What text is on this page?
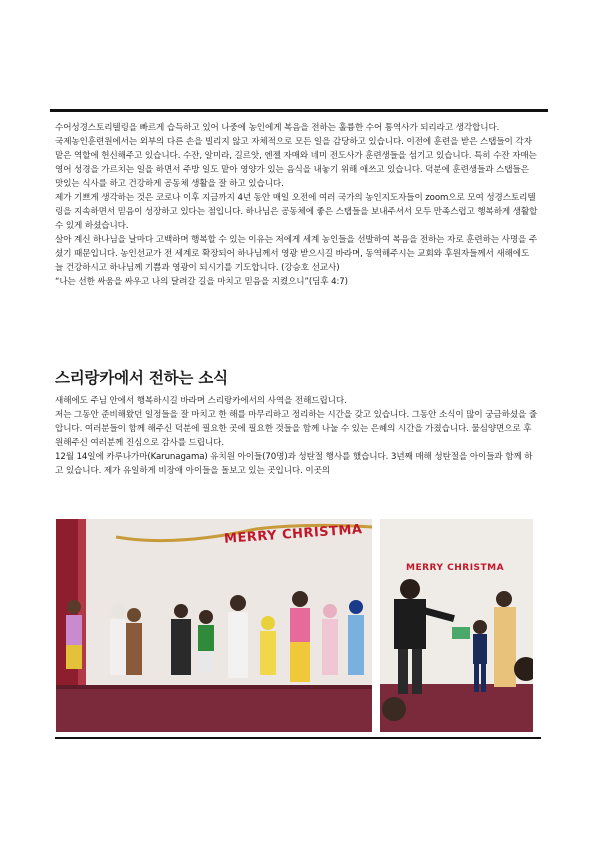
수어성경스토리텔링을 빠르게 습득하고 있어 나중에 농인에게 복음을 전하는 훌륭한 수어 통역사가 되리라고 생각합니다.

국제농인훈련원에서는 외부의 다른 손을 빌리지 않고 자체적으로 모든 일을 감당하고 있습니다. 이전에 훈련을 받은 스탭들이 각자 맡은 역할에 헌신해주고 있습니다. 수잔, 알미라, 길르앗, 엔젤 자매와 네미 전도사가 훈련생들을 섬기고 있습니다. 특히 수잔 자매는 영어 성경을 가르치는 일을 하면서 주방 일도 맡아 영양가 있는 음식을 내놓기 위해 애쓰고 있습니다. 덕분에 훈련생들과 스탭들은 맛있는 식사를 하고 건강하게 공동체 생활을 잘 하고 있습니다.

제가 기쁘게 생각하는 것은 코로나 이후 지금까지 4년 동안 매일 오전에 여러 국가의 농인지도자들이 zoom으로 모여 성경스토리텔링을 지속하면서 믿음이 성장하고 있다는 점입니다. 하나님은 공동체에 좋은 스탭들을 보내주셔서 모두 만족스럽고 행복하게 생활할 수 있게 하셨습니다.

살아 계신 하나님을 날마다 고백하며 행복할 수 있는 이유는 저에게 세계 농인들을 선발하여 복음을 전하는 자로 훈련하는 사명을 주셨기 때문입니다. 농인선교가 전 세계로 확장되어 하나님께서 영광 받으시길 바라며, 동역해주시는 교회와 후원자들께서 새해에도 늘 건강하시고 하나님께 기쁨과 영광이 되시기를 기도합니다. (강승호 선교사)

“나는 선한 싸움을 싸우고 나의 달려갈 길을 마치고 믿음을 지켰으니”(딤후 4:7)

스리랑카에서 전하는 소식

새해에도 주님 안에서 행복하시길 바라며 스리랑카에서의 사역을 전해드립니다.

저는 그동안 준비해왔던 일정들을 잘 마치고 한 해를 마무리하고 정리하는 시간을 갖고 있습니다. 그동안 소식이 많이 궁금하셨을 줄 압니다. 여러분들이 함께 해주신 덕분에 필요한 곳에 필요한 것들을 함께 나눌 수 있는 은혜의 시간을 가졌습니다. 물심양면으로 후원해주신 여러분께 진심으로 감사를 드립니다.

12월 14일에 카루나가마(Karunagama) 유치원 아이들(70명)과 성탄절 행사를 했습니다. 3년째 매해 성탄절을 아이들과 함께 하고 있습니다. 제가 유일하게 비장애 아이들을 돌보고 있는 곳입니다. 이곳의

MERRY CHRISTMA
MERRY CHRISTMA
